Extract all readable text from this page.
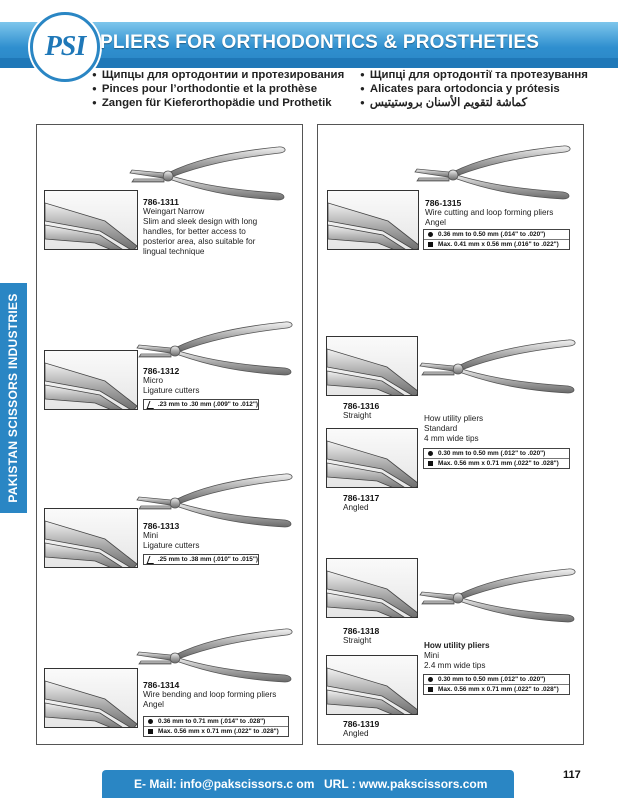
PSI PLIERS FOR ORTHODONTICS & PROSTHETIES
● Щипцы для ортодонтии и протезирования
● Pinces pour l’orthodontie et la prothèse
● Zangen für Kieferorthopädie und Prothetik
● Щипці для ортодонтії та протезування
● Alicates para ortodoncia y prótesis
● كماشة لتقويم الأسنان بروستيتيس
PAKISTAN SCISSORS INDUSTRIES
786-1311
Weingart Narrow
Slim and sleek design with long
handles, for better access to
posterior area, also suitable for
lingual technique
786-1312
Micro
Ligature cutters
.23 mm to .30 mm (.009" to .012")
786-1313
Mini
Ligature cutters
.25 mm to .38 mm (.010" to .015")
786-1314
Wire bending and loop forming pliers
Angel
0.36 mm to 0.71 mm (.014" to .028")
Max. 0.56 mm x 0.71 mm (.022" to .028")
786-1315
Wire cutting and loop forming pliers
Angel
0.36 mm to 0.50 mm (.014" to .020")
Max. 0.41 mm x 0.56 mm (.016" to .022")
786-1316
Straight	How utility pliers
Standard
4 mm wide tips
0.30 mm to 0.50 mm (.012" to .020")
Max. 0.56 mm x 0.71 mm (.022" to .028")
786-1317
Angled
786-1318
Straight
How utility pliers
Mini
2.4 mm wide tips
0.30 mm to 0.50 mm (.012" to .020")
Max. 0.56 mm x 0.71 mm (.022" to .028")
786-1319
Angled
E- Mail: info@pakscissors.c om URL : www.pakscissors.com
117
